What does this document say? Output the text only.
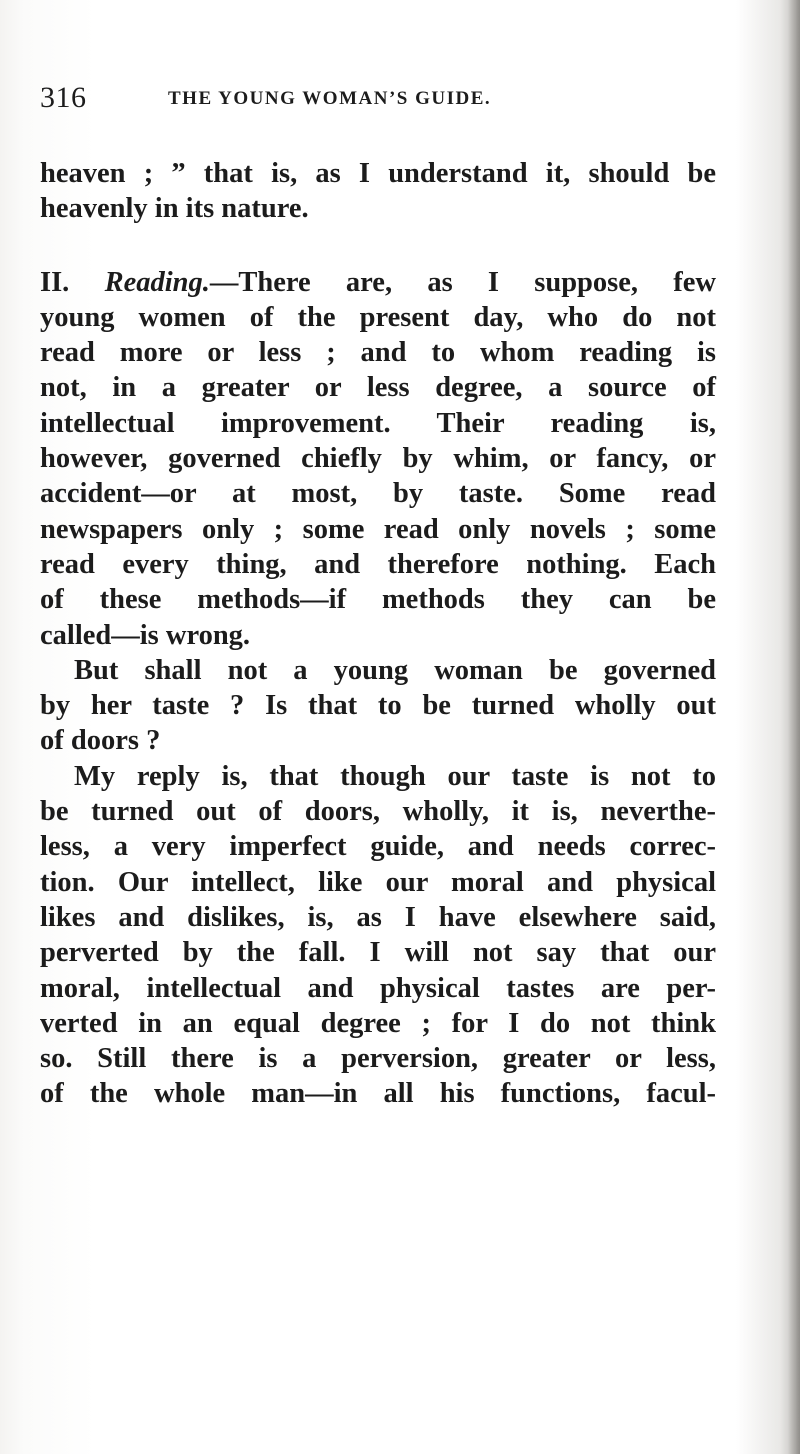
316	THE YOUNG WOMAN’S GUIDE.

heaven ; ” that is, as I understand it, should be

heavenly in its nature.

II. Reading.—There are, as I suppose, few

young women of the present day, who do not

read more or less ; and to whom reading is

not, in a greater or less degree, a source of

intellectual improvement. Their reading is,

however, governed chiefly by whim, or fancy, or

accident—or at most, by taste. Some read

newspapers only ; some read only novels ; some

read every thing, and therefore nothing. Each

of these methods—if methods they can be

called—is wrong.

But shall not a young woman be governed

by her taste ? Is that to be turned wholly out

of doors ?

My reply is, that though our taste is not to

be turned out of doors, wholly, it is, neverthe-

less, a very imperfect guide, and needs correc-

tion. Our intellect, like our moral and physical

likes and dislikes, is, as I have elsewhere said,

perverted by the fall. I will not say that our

moral, intellectual and physical tastes are per-

verted in an equal degree ; for I do not think

so. Still there is a perversion, greater or less,

of the whole man—in all his functions, facul-
